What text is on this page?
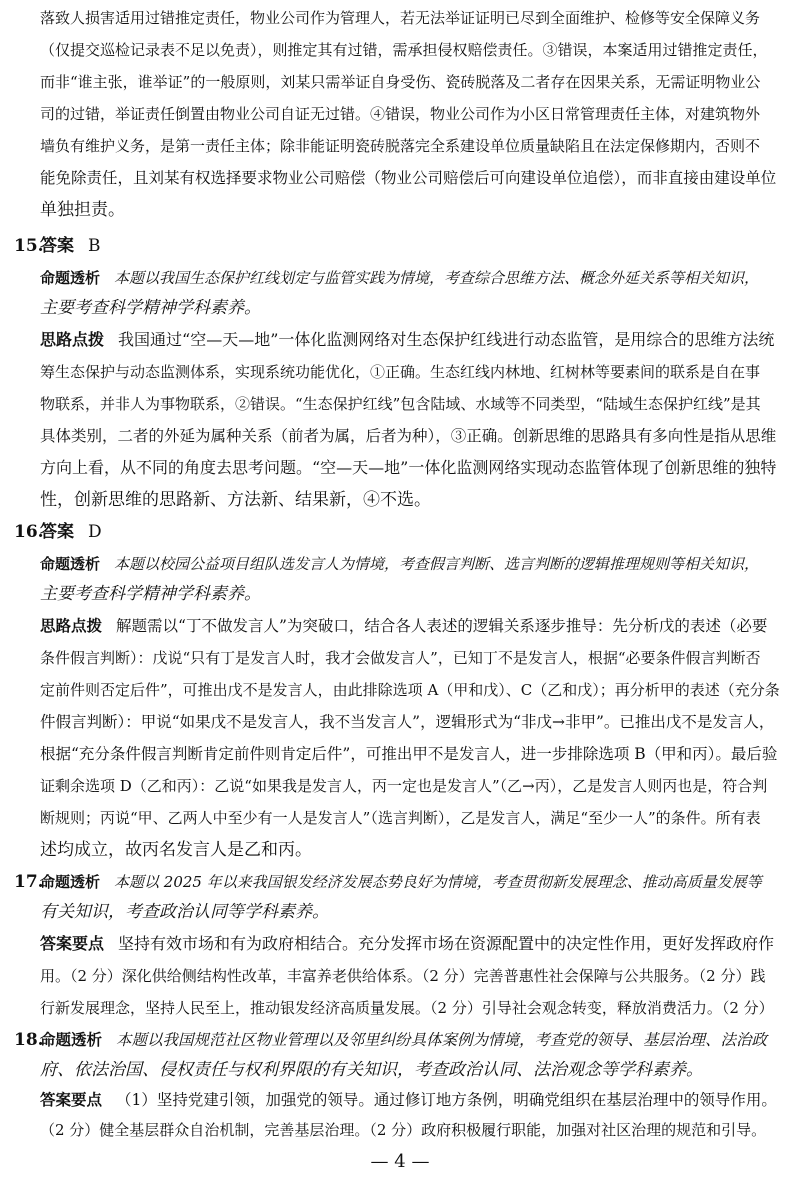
落致人损害适用过错推定责任，物业公司作为管理人，若无法举证证明已尽到全面维护、检修等安全保障义务
（仅提交巡检记录表不足以免责），则推定其有过错，需承担侵权赔偿责任。③错误，本案适用过错推定责任，
而非“谁主张，谁举证”的一般原则，刘某只需举证自身受伤、瓷砖脱落及二者存在因果关系，无需证明物业公
司的过错，举证责任倒置由物业公司自证无过错。④错误，物业公司作为小区日常管理责任主体，对建筑物外
墙负有维护义务，是第一责任主体；除非能证明瓷砖脱落完全系建设单位质量缺陷且在法定保修期内，否则不
能免除责任，且刘某有权选择要求物业公司赔偿（物业公司赔偿后可向建设单位追偿），而非直接由建设单位
单独担责。
15.
答案 B
命题透析 本题以我国生态保护红线划定与监管实践为情境，考查综合思维方法、概念外延关系等相关知识，
主要考查科学精神学科素养。
思路点拨 我国通过“空—天—地”一体化监测网络对生态保护红线进行动态监管，是用综合的思维方法统
筹生态保护与动态监测体系，实现系统功能优化，①正确。生态红线内林地、红树林等要素间的联系是自在事
物联系，并非人为事物联系，②错误。“生态保护红线”包含陆域、水域等不同类型，“陆域生态保护红线”是其
具体类别，二者的外延为属种关系（前者为属，后者为种），③正确。创新思维的思路具有多向性是指从思维
方向上看，从不同的角度去思考问题。“空—天—地”一体化监测网络实现动态监管体现了创新思维的独特
性，创新思维的思路新、方法新、结果新，④不选。
16.
答案 D
命题透析 本题以校园公益项目组队选发言人为情境，考查假言判断、选言判断的逻辑推理规则等相关知识，
主要考查科学精神学科素养。
思路点拨 解题需以“丁不做发言人”为突破口，结合各人表述的逻辑关系逐步推导：先分析戊的表述（必要
条件假言判断）：戊说“只有丁是发言人时，我才会做发言人”，已知丁不是发言人，根据“必要条件假言判断否
定前件则否定后件”，可推出戊不是发言人，由此排除选项 A（甲和戊）、C（乙和戊）；再分析甲的表述（充分条
件假言判断）：甲说“如果戊不是发言人，我不当发言人”，逻辑形式为“非戊→非甲”。已推出戊不是发言人，
根据“充分条件假言判断肯定前件则肯定后件”，可推出甲不是发言人，进一步排除选项 B（甲和丙）。最后验
证剩余选项 D（乙和丙）：乙说“如果我是发言人，丙一定也是发言人”（乙→丙），乙是发言人则丙也是，符合判
断规则；丙说“甲、乙两人中至少有一人是发言人”（选言判断），乙是发言人，满足“至少一人”的条件。所有表
述均成立，故丙名发言人是乙和丙。
17.
命题透析 本题以 2025 年以来我国银发经济发展态势良好为情境，考查贯彻新发展理念、推动高质量发展等
有关知识，考查政治认同等学科素养。
答案要点 坚持有效市场和有为政府相结合。充分发挥市场在资源配置中的决定性作用，更好发挥政府作
用。（2 分）深化供给侧结构性改革，丰富养老供给体系。（2 分）完善普惠性社会保障与公共服务。（2 分）践
行新发展理念，坚持人民至上，推动银发经济高质量发展。（2 分）引导社会观念转变，释放消费活力。（2 分）
18.
命题透析 本题以我国规范社区物业管理以及邻里纠纷具体案例为情境，考查党的领导、基层治理、法治政
府、依法治国、侵权责任与权利界限的有关知识，考查政治认同、法治观念等学科素养。
答案要点 （1）坚持党建引领，加强党的领导。通过修订地方条例，明确党组织在基层治理中的领导作用。
（2 分）健全基层群众自治机制，完善基层治理。（2 分）政府积极履行职能，加强对社区治理的规范和引导。
— 4 —
